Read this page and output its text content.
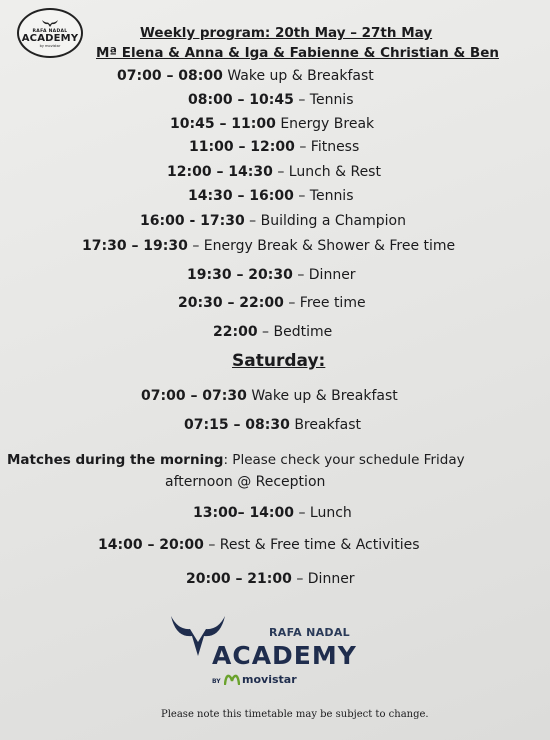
RAFA NADAL
ACADEMY
by movistar
Weekly program: 20th May – 27th May
Mª Elena & Anna & Iga & Fabienne & Christian & Ben
07:00 – 08:00 Wake up & Breakfast
08:00 – 10:45 – Tennis
10:45 – 11:00 Energy Break
11:00 – 12:00 – Fitness
12:00 – 14:30 – Lunch & Rest
14:30 – 16:00 – Tennis
16:00 - 17:30 – Building a Champion
17:30 – 19:30 – Energy Break & Shower & Free time
19:30 – 20:30 – Dinner
20:30 – 22:00 – Free time
22:00 – Bedtime
Saturday:
07:00 – 07:30 Wake up & Breakfast
07:15 – 08:30 Breakfast
Matches during the morning: Please check your schedule Friday
afternoon @ Reception
13:00– 14:00 – Lunch
14:00 – 20:00 – Rest & Free time & Activities
20:00 – 21:00 – Dinner
RAFA NADAL
ACADEMY
BY movistar
Please note this timetable may be subject to change.
